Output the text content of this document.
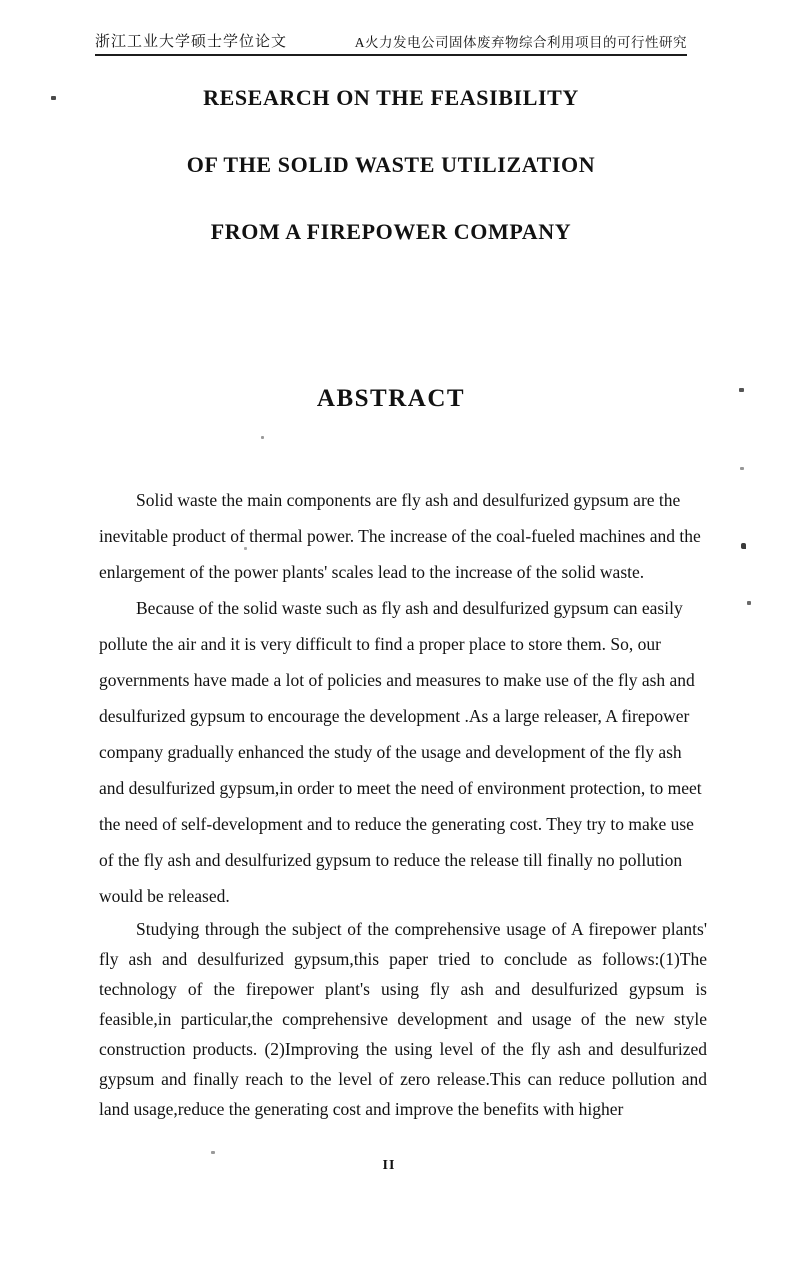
浙江工业大学硕士学位论文	A火力发电公司固体废弃物综合利用项目的可行性研究
RESEARCH ON THE FEASIBILITY
OF THE SOLID WASTE UTILIZATION
FROM A FIREPOWER COMPANY
ABSTRACT

Solid waste the main components are fly ash and desulfurized gypsum are the inevitable product of thermal power. The increase of the coal-fueled machines and the enlargement of the power plants' scales lead to the increase of the solid waste.

Because of the solid waste such as fly ash and desulfurized gypsum can easily pollute the air and it is very difficult to find a proper place to store them. So, our governments have made a lot of policies and measures to make use of the fly ash and desulfurized gypsum to encourage the development .As a large releaser, A firepower company gradually enhanced the study of the usage and development of the fly ash and desulfurized gypsum,in order to meet the need of environment protection, to meet the need of self-development and to reduce the generating cost. They try to make use of the fly ash and desulfurized gypsum to reduce the release till finally no pollution would be released.

Studying through the subject of the comprehensive usage of A firepower plants' fly ash and desulfurized gypsum,this paper tried to conclude as follows:(1)The technology of the firepower plant's using fly ash and desulfurized gypsum is feasible,in particular,the comprehensive development and usage of the new style construction products. (2)Improving the using level of the fly ash and desulfurized gypsum and finally reach to the level of zero release.This can reduce pollution and land usage,reduce the generating cost and improve the benefits with higher

II
